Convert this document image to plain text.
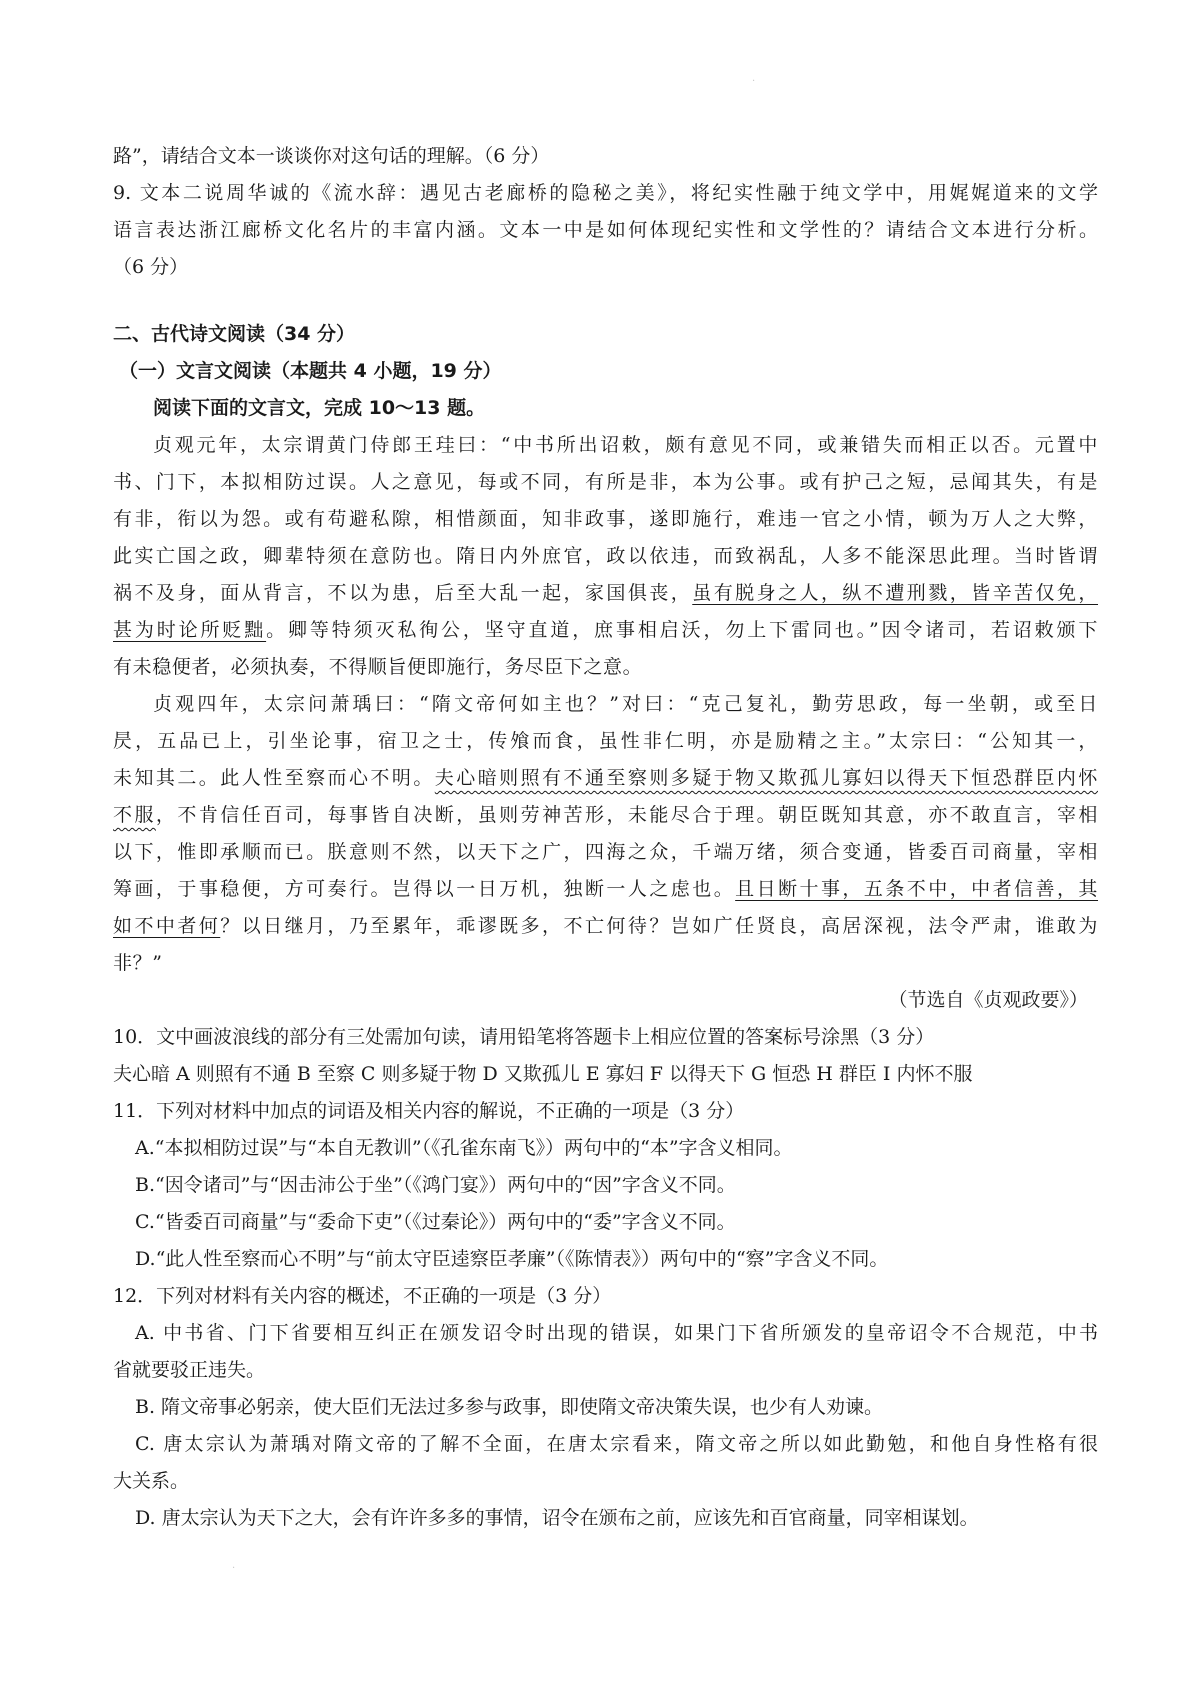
·
·
路”，请结合文本一谈谈你对这句话的理解。（6 分）
9. 文本二说周华诚的《流水辞：遇见古老廊桥的隐秘之美》，将纪实性融于纯文学中，用娓娓道来的文学
语言表达浙江廊桥文化名片的丰富内涵。文本一中是如何体现纪实性和文学性的？请结合文本进行分析。
（6 分）
二、古代诗文阅读（34 分）
（一）文言文阅读（本题共 4 小题，19 分）
阅读下面的文言文，完成 10～13 题。
贞观元年，太宗谓黄门侍郎王珪曰：“中书所出诏敕，颇有意见不同，或兼错失而相正以否。元置中
书、门下，本拟相防过误。人之意见，每或不同，有所是非，本为公事。或有护己之短，忌闻其失，有是
有非，衔以为怨。或有苟避私隙，相惜颜面，知非政事，遂即施行，难违一官之小情，顿为万人之大弊，
此实亡国之政，卿辈特须在意防也。隋日内外庶官，政以依违，而致祸乱，人多不能深思此理。当时皆谓
祸不及身，面从背言，不以为患，后至大乱一起，家国俱丧，虽有脱身之人，纵不遭刑戮，皆辛苦仅免，
甚为时论所贬黜。卿等特须灭私徇公，坚守直道，庶事相启沃，勿上下雷同也。”因令诸司，若诏敕颁下
有未稳便者，必须执奏，不得顺旨便即施行，务尽臣下之意。
贞观四年，太宗问萧瑀曰：“隋文帝何如主也？”对曰：“克己复礼，勤劳思政，每一坐朝，或至日
昃，五品已上，引坐论事，宿卫之士，传飧而食，虽性非仁明，亦是励精之主。”太宗曰：“公知其一，
未知其二。此人性至察而心不明。夫心暗则照有不通至察则多疑于物又欺孤儿寡妇以得天下恒恐群臣内怀
不服，不肯信任百司，每事皆自决断，虽则劳神苦形，未能尽合于理。朝臣既知其意，亦不敢直言，宰相
以下，惟即承顺而已。朕意则不然，以天下之广，四海之众，千端万绪，须合变通，皆委百司商量，宰相
筹画，于事稳便，方可奏行。岂得以一日万机，独断一人之虑也。且日断十事，五条不中，中者信善，其
如不中者何？以日继月，乃至累年，乖谬既多，不亡何待？岂如广任贤良，高居深视，法令严肃，谁敢为
非？”
（节选自《贞观政要》）
10．文中画波浪线的部分有三处需加句读，请用铅笔将答题卡上相应位置的答案标号涂黑（3 分）
夫心暗 A 则照有不通 B 至察 C 则多疑于物 D 又欺孤儿 E 寡妇 F 以得天下 G 恒恐 H 群臣 I 内怀不服
11．下列对材料中加点的词语及相关内容的解说，不正确的一项是（3 分）
A.“本拟相防过误”与“本自无教训”（《孔雀东南飞》）两句中的“本”字含义相同。
B.“因令诸司”与“因击沛公于坐”（《鸿门宴》）两句中的“因”字含义不同。
C.“皆委百司商量”与“委命下吏”（《过秦论》）两句中的“委”字含义不同。
D.“此人性至察而心不明”与“前太守臣逵察臣孝廉”（《陈情表》）两句中的“察”字含义不同。
12．下列对材料有关内容的概述，不正确的一项是（3 分）
A. 中书省、门下省要相互纠正在颁发诏令时出现的错误，如果门下省所颁发的皇帝诏令不合规范，中书
省就要驳正违失。
B. 隋文帝事必躬亲，使大臣们无法过多参与政事，即使隋文帝决策失误，也少有人劝谏。
C. 唐太宗认为萧瑀对隋文帝的了解不全面，在唐太宗看来，隋文帝之所以如此勤勉，和他自身性格有很
大关系。
D. 唐太宗认为天下之大，会有许许多多的事情，诏令在颁布之前，应该先和百官商量，同宰相谋划。
